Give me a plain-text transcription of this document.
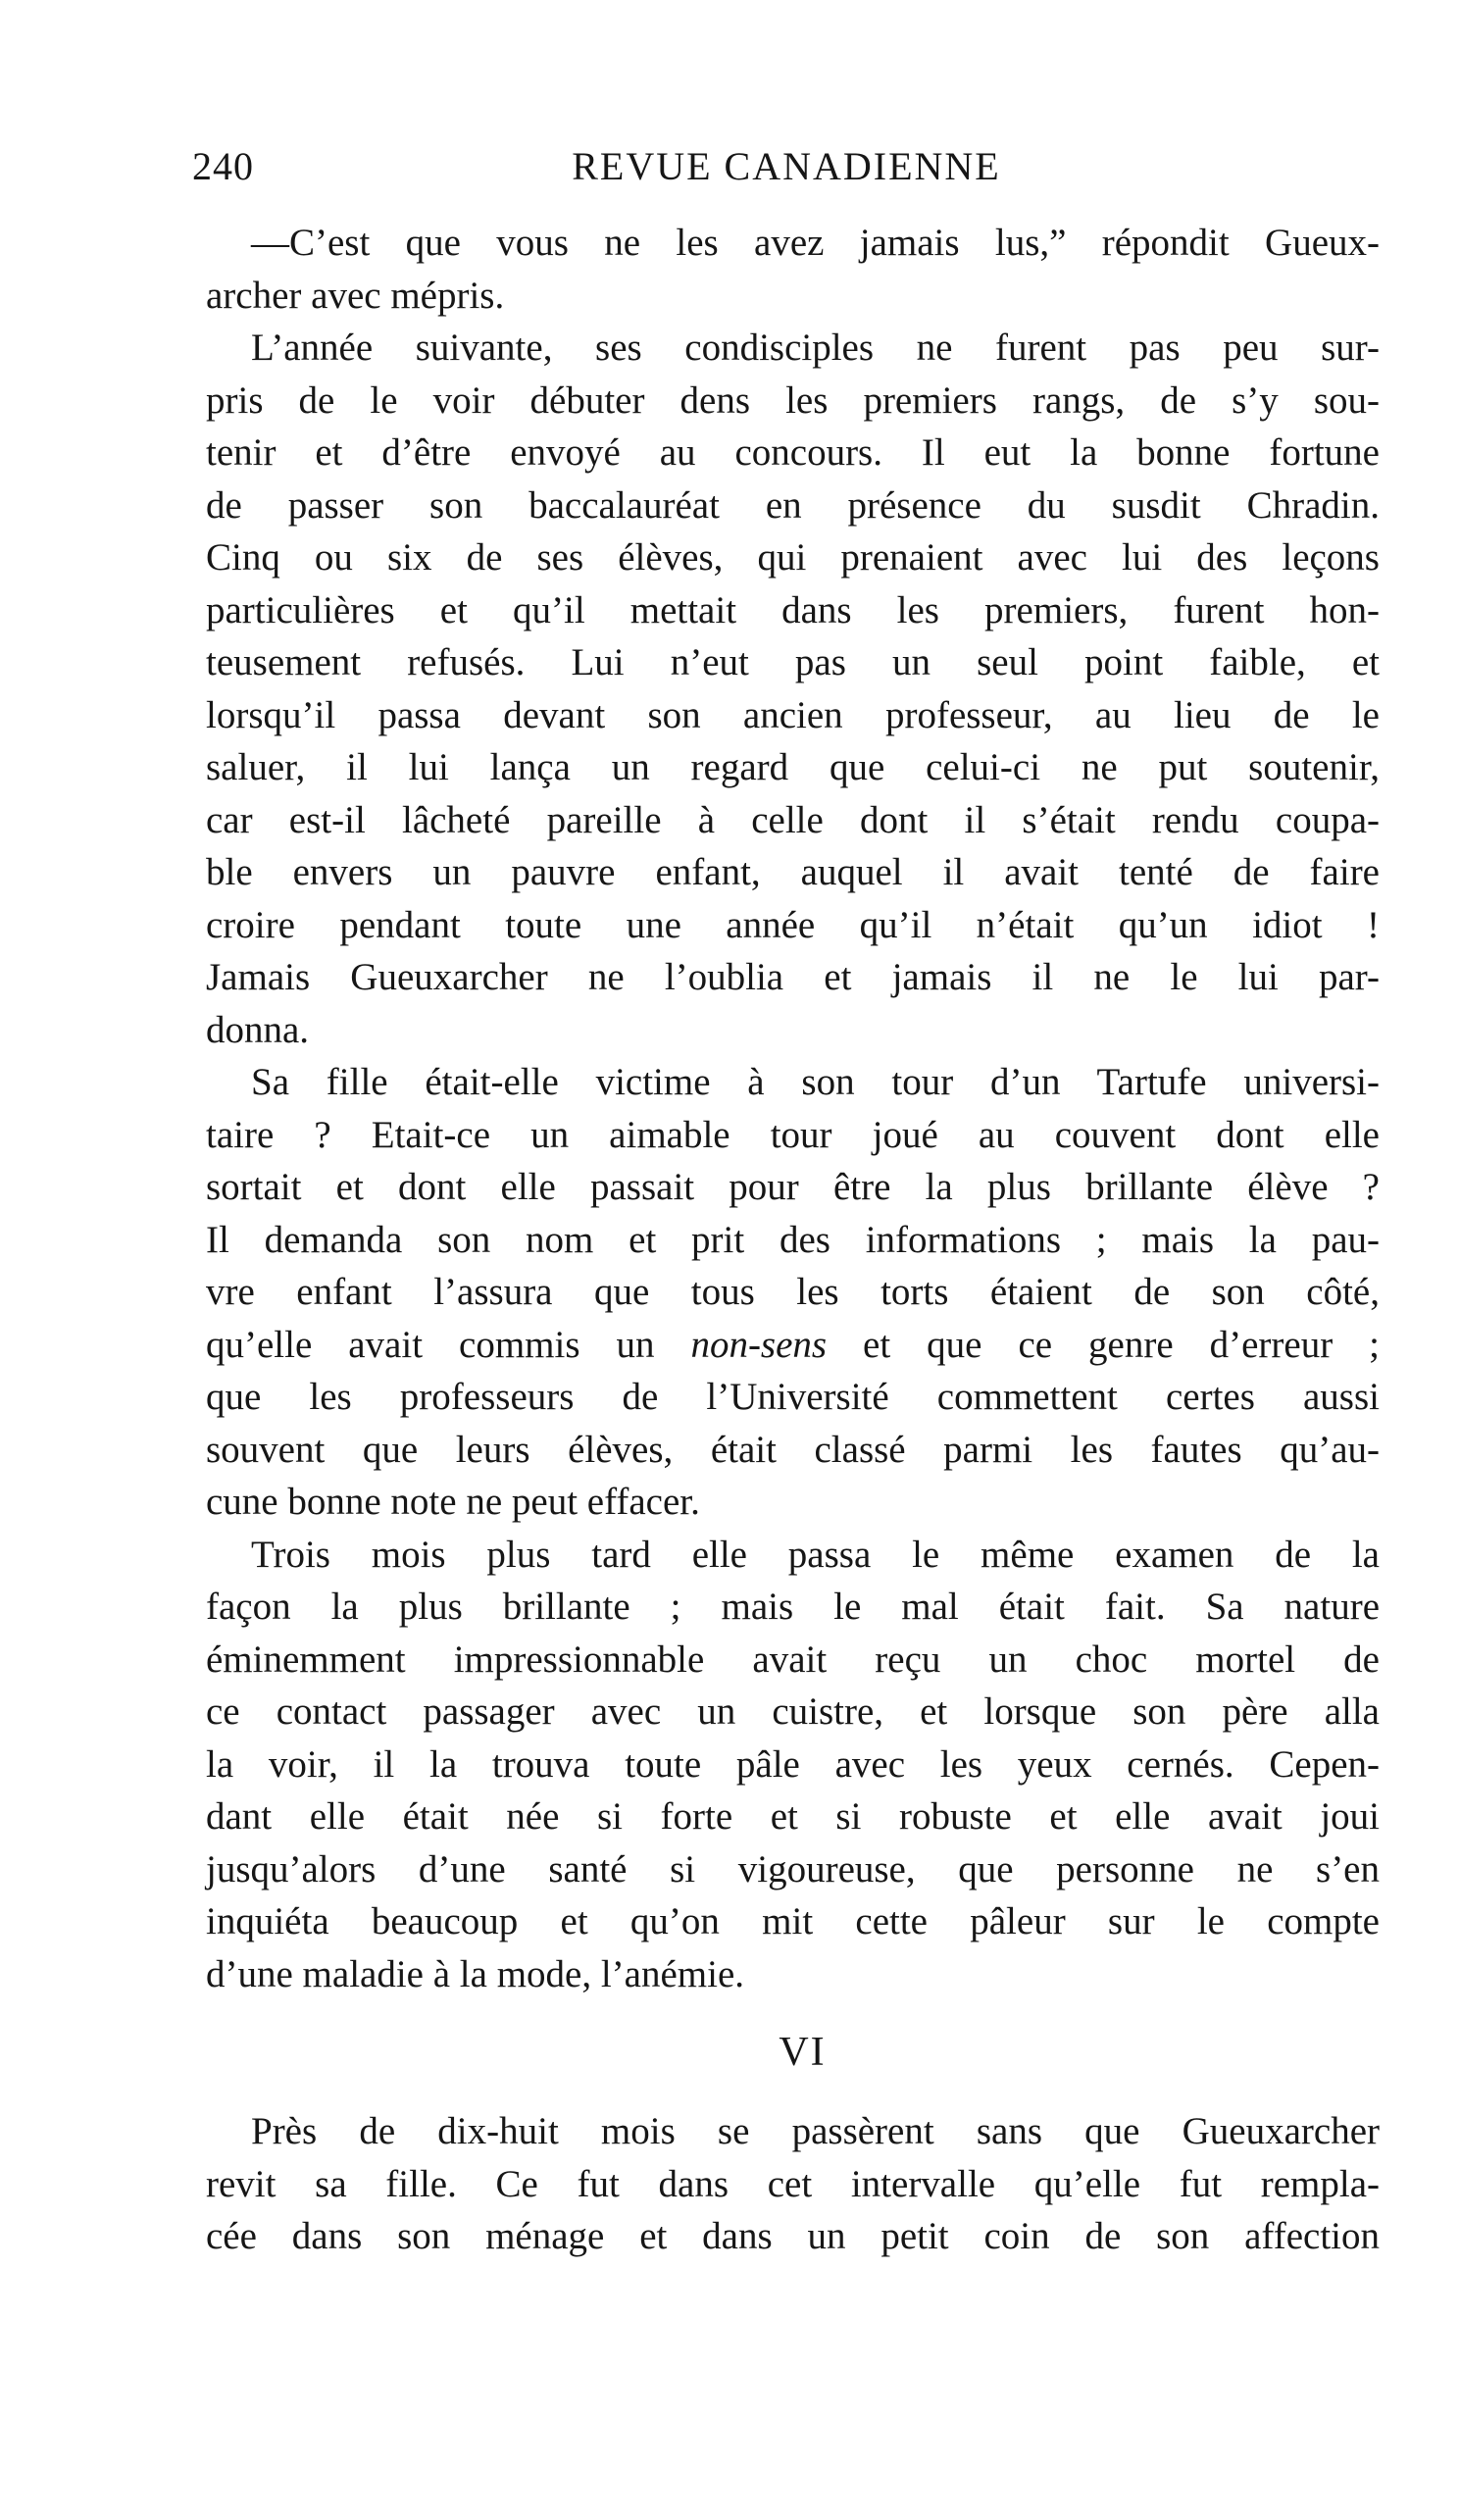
240	REVUE CANADIENNE
—C’est que vous ne les avez jamais lus,” répondit Gueux-
archer avec mépris.
L’année suivante, ses condisciples ne furent pas peu sur-
pris de le voir débuter dens les premiers rangs, de s’y sou-
tenir et d’être envoyé au concours. Il eut la bonne fortune
de passer son baccalauréat en présence du susdit Chradin.
Cinq ou six de ses élèves, qui prenaient avec lui des leçons
particulières et qu’il mettait dans les premiers, furent hon-
teusement refusés. Lui n’eut pas un seul point faible, et
lorsqu’il passa devant son ancien professeur, au lieu de le
saluer, il lui lança un regard que celui-ci ne put soutenir,
car est-il lâcheté pareille à celle dont il s’était rendu coupa-
ble envers un pauvre enfant, auquel il avait tenté de faire
croire pendant toute une année qu’il n’était qu’un idiot !
Jamais Gueuxarcher ne l’oublia et jamais il ne le lui par-
donna.
Sa fille était-elle victime à son tour d’un Tartufe universi-
taire ? Etait-ce un aimable tour joué au couvent dont elle
sortait et dont elle passait pour être la plus brillante élève ?
Il demanda son nom et prit des informations ; mais la pau-
vre enfant l’assura que tous les torts étaient de son côté,
qu’elle avait commis un non-sens et que ce genre d’erreur ;
que les professeurs de l’Université commettent certes aussi
souvent que leurs élèves, était classé parmi les fautes qu’au-
cune bonne note ne peut effacer.
Trois mois plus tard elle passa le même examen de la
façon la plus brillante ; mais le mal était fait. Sa nature
éminemment impressionnable avait reçu un choc mortel de
ce contact passager avec un cuistre, et lorsque son père alla
la voir, il la trouva toute pâle avec les yeux cernés. Cepen-
dant elle était née si forte et si robuste et elle avait joui
jusqu’alors d’une santé si vigoureuse, que personne ne s’en
inquiéta beaucoup et qu’on mit cette pâleur sur le compte
d’une maladie à la mode, l’anémie.
VI
Près de dix-huit mois se passèrent sans que Gueuxarcher
revit sa fille. Ce fut dans cet intervalle qu’elle fut rempla-
cée dans son ménage et dans un petit coin de son affection
